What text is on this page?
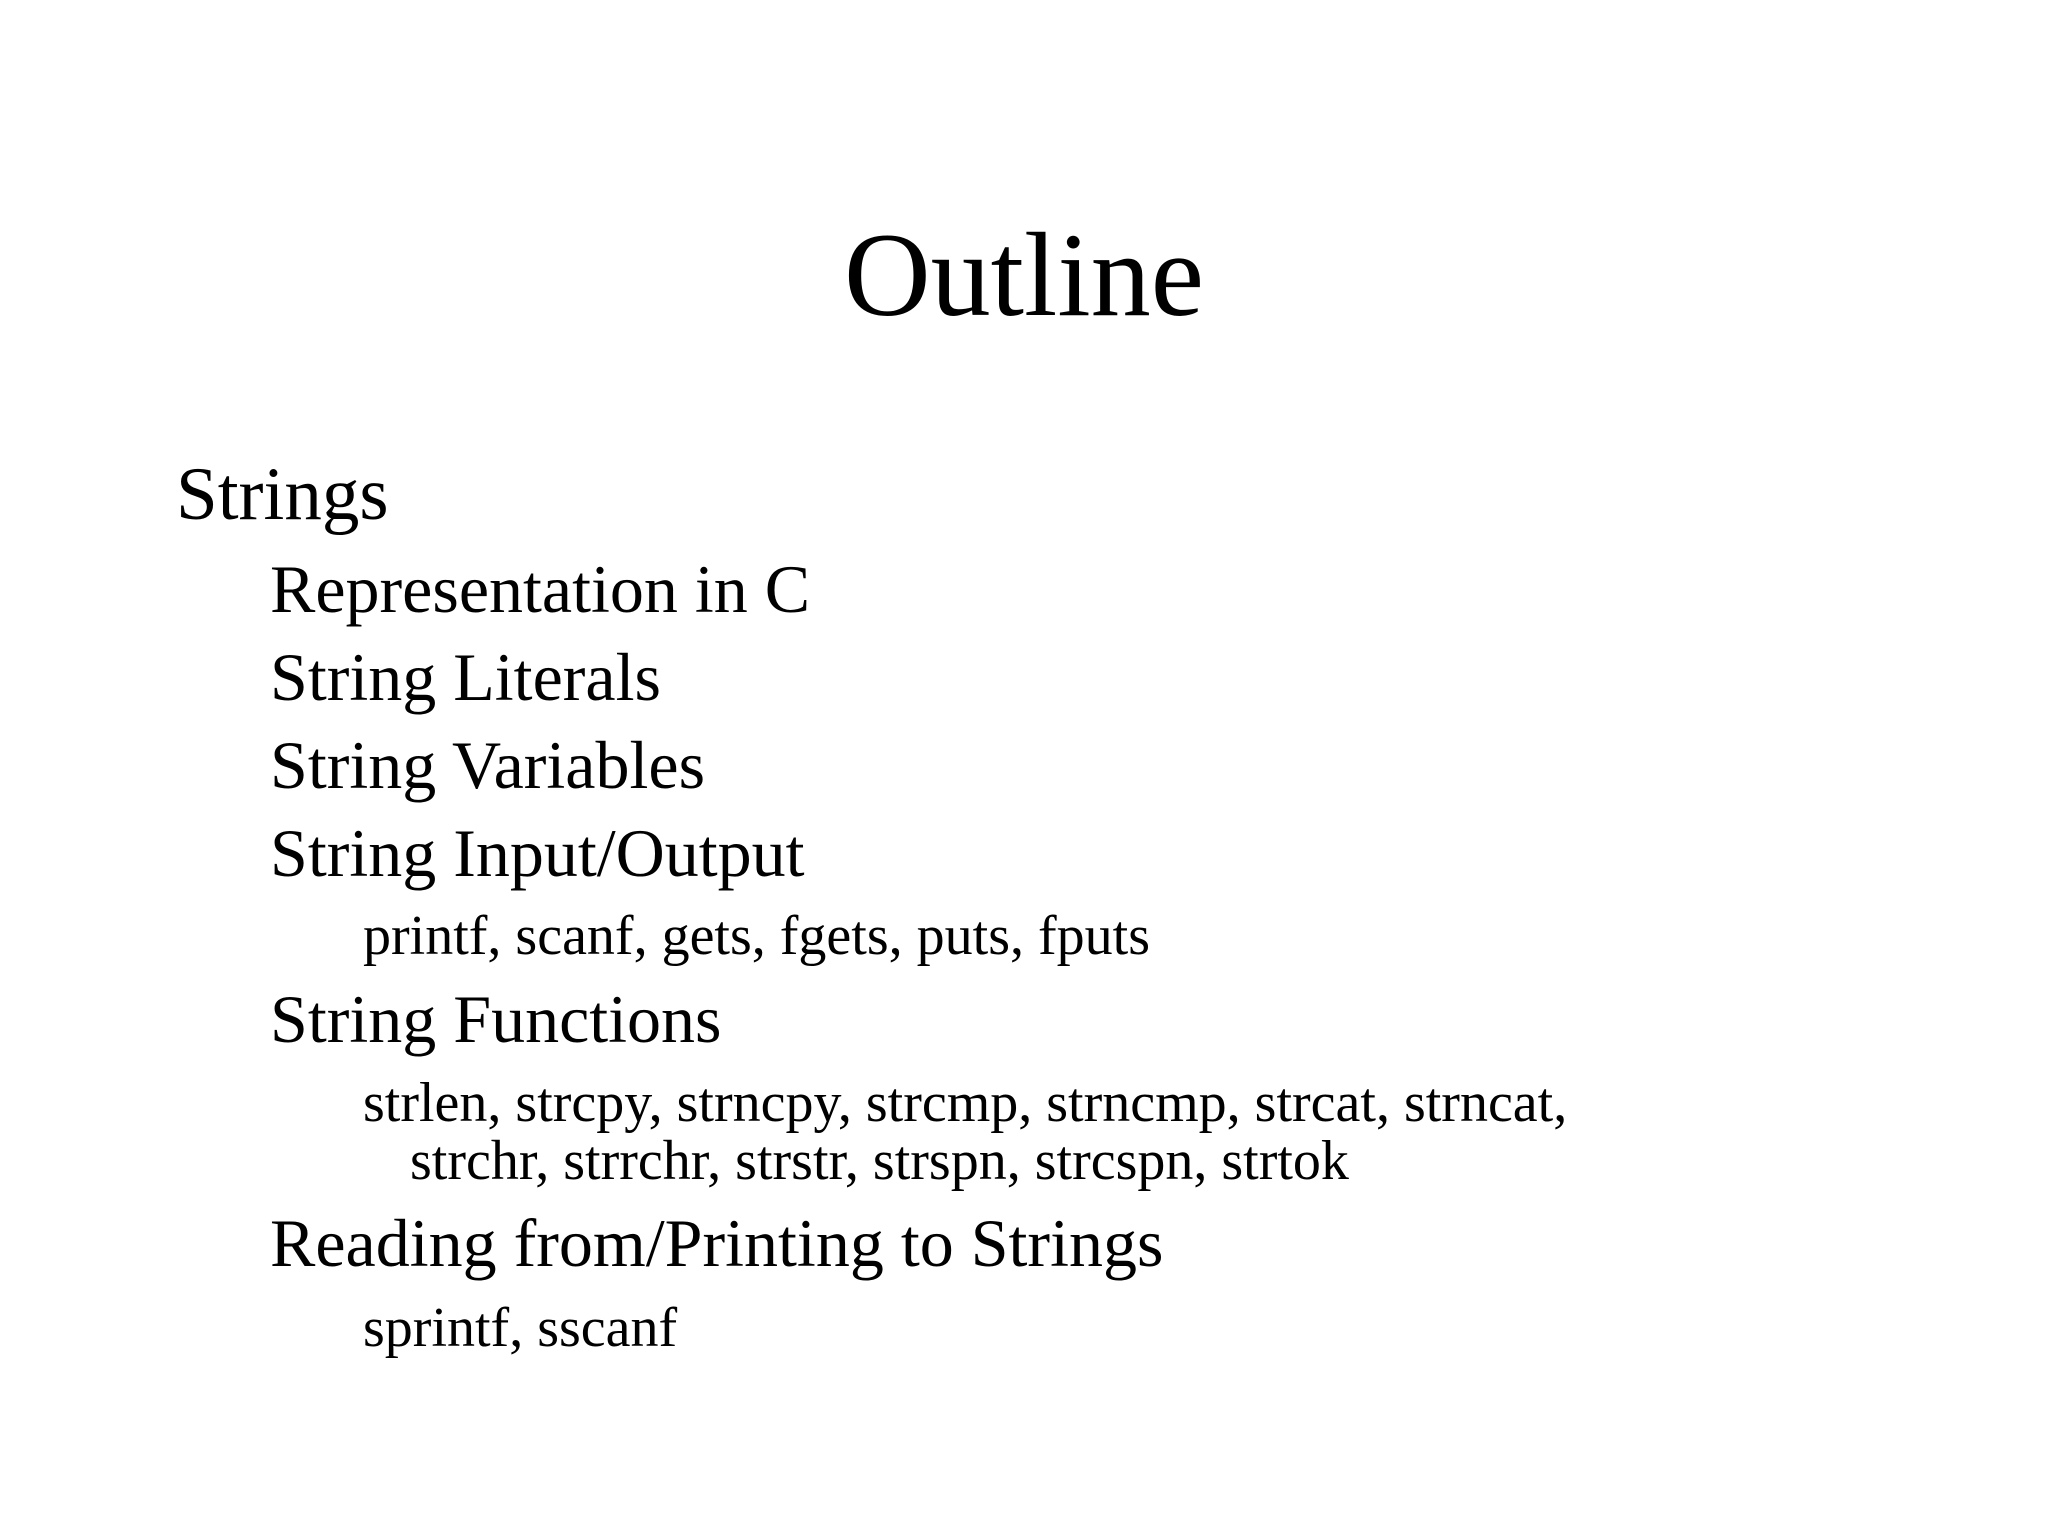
Outline
Strings
Representation in C
String Literals
String Variables
String Input/Output
printf, scanf, gets, fgets, puts, fputs
String Functions
strlen, strcpy, strncpy, strcmp, strncmp, strcat, strncat,
strchr, strrchr, strstr, strspn, strcspn, strtok
Reading from/Printing to Strings
sprintf, sscanf
